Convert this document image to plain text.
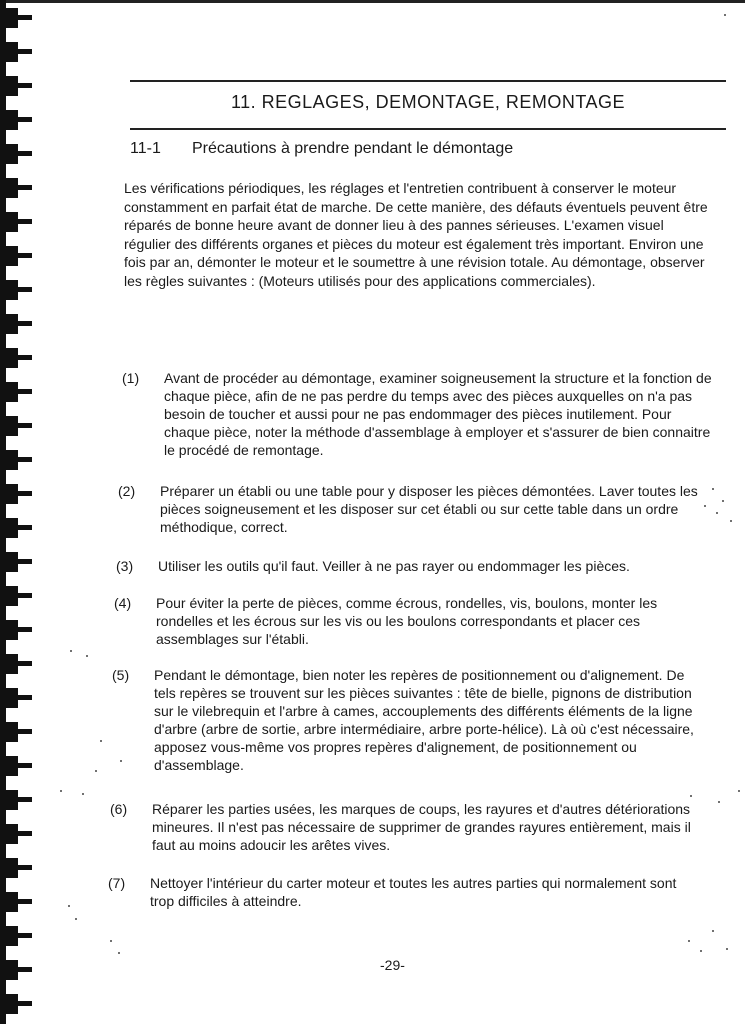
11. REGLAGES, DEMONTAGE, REMONTAGE
11-1 Précautions à prendre pendant le démontage

Les vérifications périodiques, les réglages et l'entretien contribuent à conserver le moteur constamment en parfait état de marche. De cette manière, des défauts éventuels peuvent être réparés de bonne heure avant de donner lieu à des pannes sérieuses. L'examen visuel régulier des différents organes et pièces du moteur est également très important. Environ une fois par an, démonter le moteur et le soumettre à une révision totale. Au démontage, observer les règles suivantes : (Moteurs utilisés pour des applications commerciales).

(1) Avant de procéder au démontage, examiner soigneusement la structure et la fonction de chaque pièce, afin de ne pas perdre du temps avec des pièces auxquelles on n'a pas besoin de toucher et aussi pour ne pas endommager des pièces inutilement. Pour chaque pièce, noter la méthode d'assemblage à employer et s'assurer de bien connaitre le procédé de remontage.

(2) Préparer un établi ou une table pour y disposer les pièces démontées. Laver toutes les pièces soigneusement et les disposer sur cet établi ou sur cette table dans un ordre méthodique, correct.

(3) Utiliser les outils qu'il faut. Veiller à ne pas rayer ou endommager les pièces.

(4) Pour éviter la perte de pièces, comme écrous, rondelles, vis, boulons, monter les rondelles et les écrous sur les vis ou les boulons correspondants et placer ces assemblages sur l'établi.

(5) Pendant le démontage, bien noter les repères de positionnement ou d'alignement. De tels repères se trouvent sur les pièces suivantes : tête de bielle, pignons de distribution sur le vilebrequin et l'arbre à cames, accouplements des différents éléments de la ligne d'arbre (arbre de sortie, arbre intermédiaire, arbre porte-hélice). Là où c'est nécessaire, apposez vous-même vos propres repères d'alignement, de positionnement ou d'assemblage.

(6) Réparer les parties usées, les marques de coups, les rayures et d'autres détériorations mineures. Il n'est pas nécessaire de supprimer de grandes rayures entièrement, mais il faut au moins adoucir les arêtes vives.

(7) Nettoyer l'intérieur du carter moteur et toutes les autres parties qui normalement sont trop difficiles à atteindre.

-29-
